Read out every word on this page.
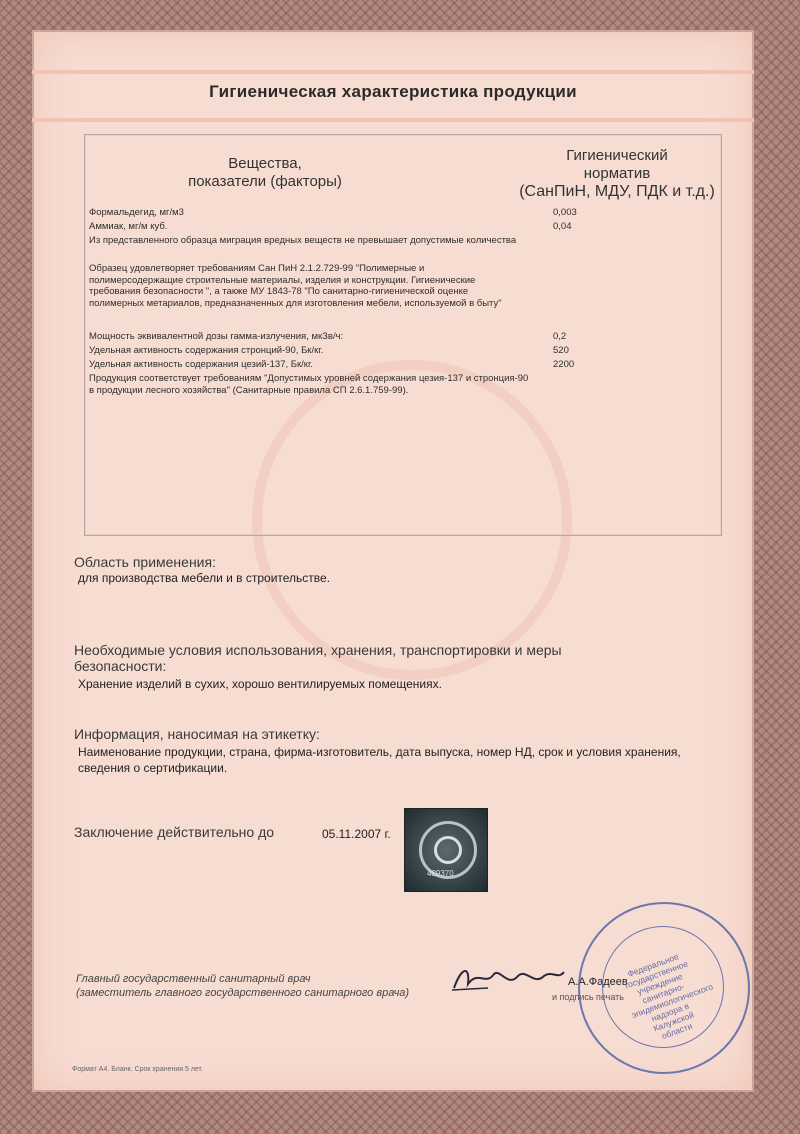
Гигиеническая характеристика продукции
Вещества,
показатели (факторы)
Гигиенический
норматив
(СанПиН, МДУ, ПДК и т.д.)
Формальдегид, мг/м3	0,003
Аммиак, мг/м куб.	0,04
Из представленного образца миграция вредных веществ не превышает допустимые количества
Образец удовлетворяет требованиям Сан ПиН 2.1.2.729-99 "Полимерные и полимерсодержащие строительные материалы, изделия и конструкции. Гигиенические требования безопасности ", а также МУ 1843-78 "По санитарно-гигиенической оценке полимерных метариалов, предназначенных для изготовления мебели, используемой в быту"
Мощность эквивалентной дозы гамма-излучения, мкЗв/ч:	0,2
Удельная активность содержания стронций-90, Бк/кг.	520
Удельная активность содержания цезий-137, Бк/кг.	2200
Продукция соответствует требованиям "Допустимых уровней содержания цезия-137 и стронция-90 в продукции лесного хозяйства" (Санитарные правила СП 2.6.1.759-99).
Область применения:
для производства мебели и в строительстве.
Необходимые условия использования, хранения, транспортировки и меры безопасности:
Хранение изделий в сухих, хорошо вентилируемых помещениях.
Информация, наносимая на этикетку:
Наименование продукции, страна, фирма-изготовитель, дата выпуска, номер НД, срок и условия хранения, сведения о сертификации.
Заключение действительно до	05.11.2007 г.
489370
Главный государственный санитарный врач
(заместитель главного государственного санитарного врача)
А.А.Фадеев
и подпись печать
Федеральное государственное учреждение санитарно-эпидемиологического надзора в Калужской области
Формат А4. Бланк. Срок хранения 5 лет.
